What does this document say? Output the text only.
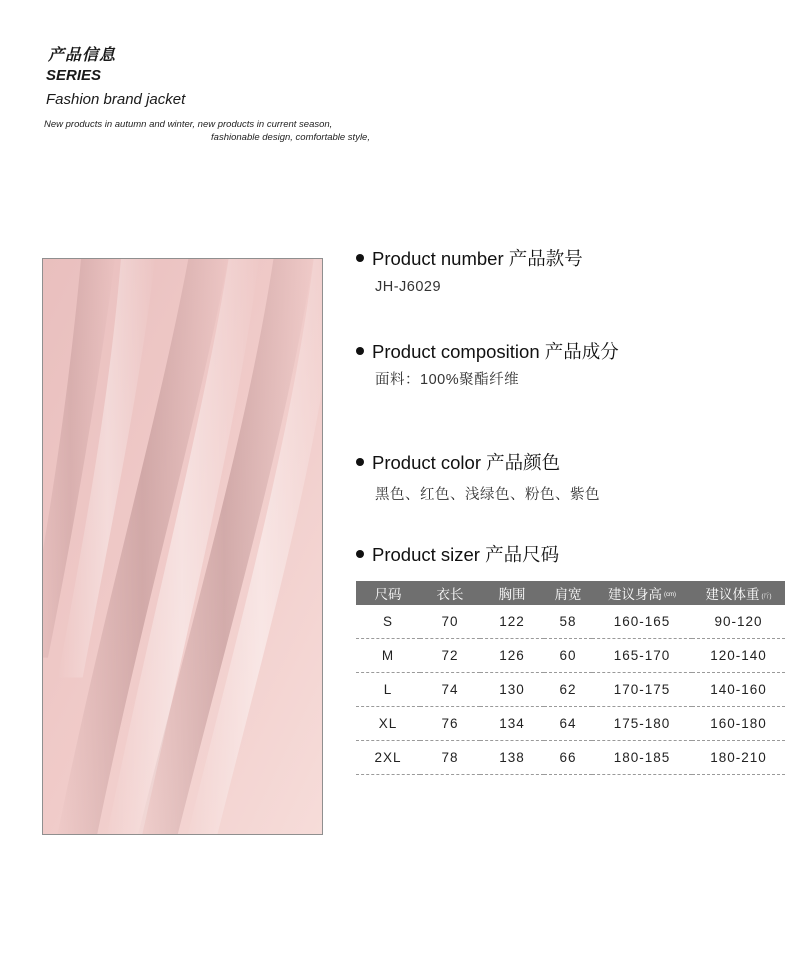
产品信息
SERIES
Fashion brand jacket
New products in autumn and winter, new products in current season,
fashionable design, comfortable style,
Product number 产品款号
JH-J6029
Product composition 产品成分
面料：100%聚酯纤维
Product color 产品颜色
黑色、红色、浅绿色、粉色、紫色
Product sizer 产品尺码
尺码	衣长	胸围	肩宽	建议身高 (cm)	建议体重 (斤)
S	70	122	58	160-165	90-120
M	72	126	60	165-170	120-140
L	74	130	62	170-175	140-160
XL	76	134	64	175-180	160-180
2XL	78	138	66	180-185	180-210
